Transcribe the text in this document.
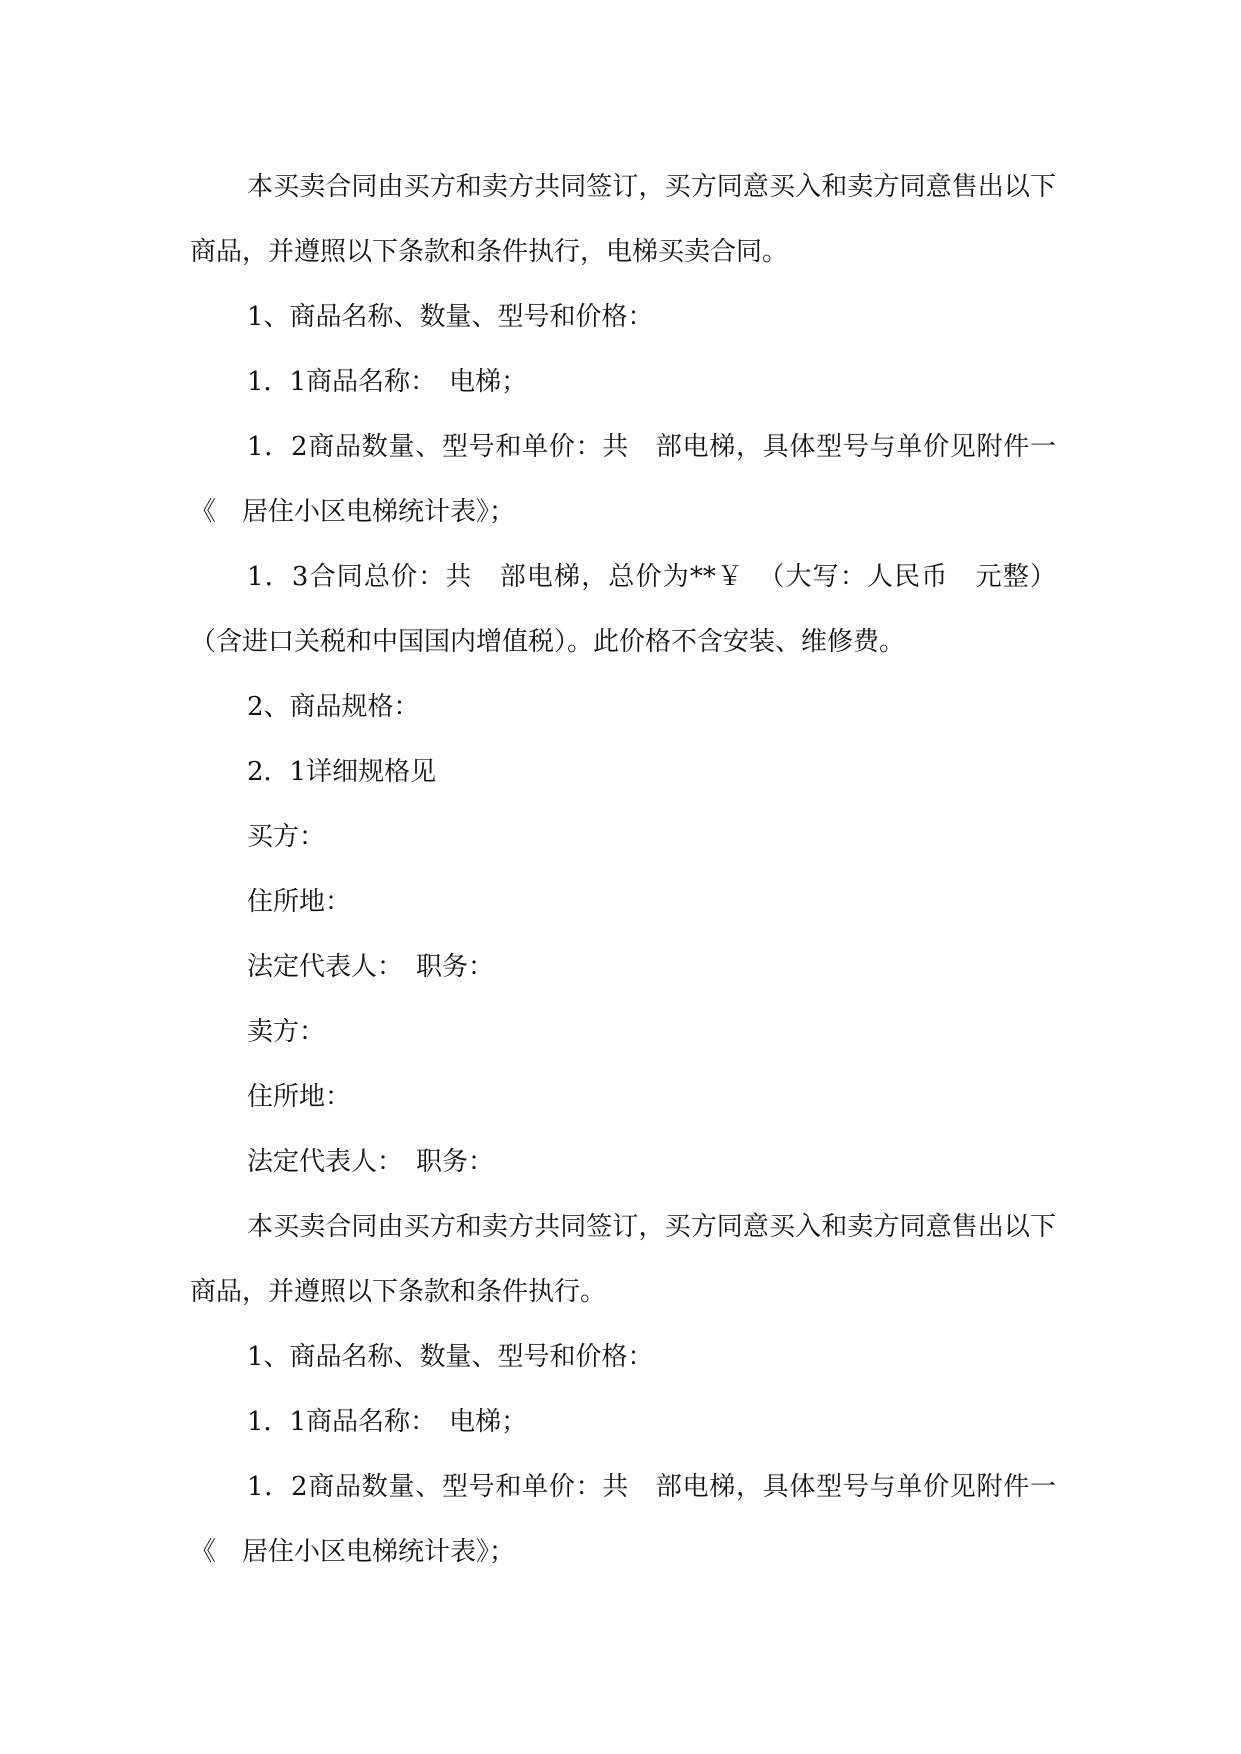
本买卖合同由买方和卖方共同签订，买方同意买入和卖方同意售出以下商品，并遵照以下条款和条件执行，电梯买卖合同。

1、商品名称、数量、型号和价格：

1．1商品名称：　电梯；

1．2商品数量、型号和单价：共　部电梯，具体型号与单价见附件一《　居住小区电梯统计表》；

1．3合同总价：共　部电梯，总价为**￥　（大写：人民币　元整）（含进口关税和中国国内增值税）。此价格不含安装、维修费。

2、商品规格：

2．1详细规格见

买方：

住所地：

法定代表人：　职务：

卖方：

住所地：

法定代表人：　职务：

本买卖合同由买方和卖方共同签订，买方同意买入和卖方同意售出以下商品，并遵照以下条款和条件执行。

1、商品名称、数量、型号和价格：

1．1商品名称：　电梯；

1．2商品数量、型号和单价：共　部电梯，具体型号与单价见附件一《　居住小区电梯统计表》；
